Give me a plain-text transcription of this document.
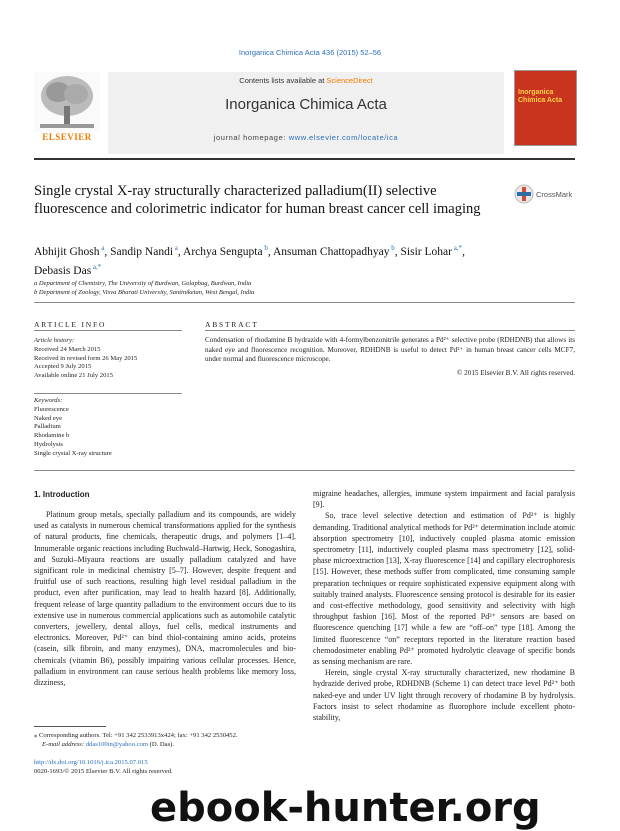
Inorganica Chimica Acta 436 (2015) 52–56
ELSEVIER
Contents lists available at ScienceDirect
Inorganica Chimica Acta
journal homepage: www.elsevier.com/locate/ica
Inorganica Chimica Acta
Single crystal X-ray structurally characterized palladium(II) selective fluorescence and colorimetric indicator for human breast cancer cell imaging
CrossMark
Abhijit Ghosh $^a$, Sandip Nandi $^a$, Archya Sengupta $^b$, Ansuman Chattopadhyay $^b$, Sisir Lohar $^{a,*}$,
Debasis Das $^{a,*}$
a Department of Chemistry, The University of Burdwan, Golapbag, Burdwan, India
b Department of Zoology, Visva Bharati University, Santiniketan, West Bengal, India
ARTICLE INFO	ABSTRACT
Article history:
Received 24 March 2015
Received in revised form 26 May 2015
Accepted 9 July 2015
Available online 21 July 2015
Keywords:
Fluorescence
Naked eye
Palladium
Rhodamine b
Hydrolysis
Single crystal X-ray structure
Condensation of rhodamine B hydrazide with 4-formylbenzonitrile generates a Pd²⁺ selective probe (RDHDNB) that allows its naked eye and fluorescence recognition. Moreover, RDHDNB is useful to detect Pd²⁺ in human breast cancer cells MCF7, under normal and fluorescence microscope.
© 2015 Elsevier B.V. All rights reserved.
1. Introduction

Platinum group metals, specially palladium and its compounds, are widely used as catalysts in numerous chemical transformations applied for the synthesis of natural products, fine chemicals, therapeutic drugs, and polymers [1–4]. Innumerable organic reactions including Buchwald–Hartwig, Heck, Sonogashira, and Suzuki–Miyaura reactions are usually palladium catalyzed and have significant role in medicinal chemistry [5–7]. However, despite frequent and fruitful use of such reactions, resulting high level residual palladium in the product, even after purification, may lead to health hazard [8]. Additionally, frequent release of large quantity palladium to the environment occurs due to its extensive use in numerous commercial applications such as automobile catalytic converters, jewellery, dental alloys, fuel cells, medical instruments and electronics. Moreover, Pd²⁺ can bind thiol-containing amino acids, proteins (casein, silk fibroin, and many enzymes), DNA, macromolecules and bio-chemicals (vitamin B6), possibly impairing various cellular processes. Hence, palladium in environment can cause serious health problems like memory loss, dizziness,

migraine headaches, allergies, immune system impairment and facial paralysis [9].

So, trace level selective detection and estimation of Pd²⁺ is highly demanding. Traditional analytical methods for Pd²⁺ determination include atomic absorption spectrometry [10], inductively coupled plasma atomic emission spectrometry [11], inductively coupled plasma mass spectrometry [12], solid-phase microextraction [13], X-ray fluorescence [14] and capillary electrophoresis [15]. However, these methods suffer from complicated, time consuming sample preparation techniques or require sophisticated expensive equipment along with suitably trained analysts. Fluorescence sensing protocol is desirable for its easier and cost-effective methodology, good sensitivity and selectivity with high throughput fashion [16]. Most of the reported Pd²⁺ sensors are based on fluorescence quenching [17] while a few are “off–on” type [18]. Among the limited fluorescence “on” receptors reported in the literature reaction based chemodosimeter enabling Pd²⁺ promoted hydrolytic cleavage of specific bonds as sensing mechanism are rare.

Herein, single crystal X-ray structurally characterized, new rhodamine B hydrazide derived probe, RDHDNB (Scheme 1) can detect trace level Pd²⁺ both naked-eye and under UV light through recovery of rhodamine B by hydrolysis. Factors insist to select rhodamine as fluorophore include excellent photo-stability,

⁎ Corresponding authors. Tel: +91 342 2533913x424; fax: +91 342 2530452.
E-mail address: ddas100in@yahoo.com (D. Das).
http://dx.doi.org/10.1016/j.ica.2015.07.015
0020-1693/© 2015 Elsevier B.V. All rights reserved.
ebook-hunter.org
